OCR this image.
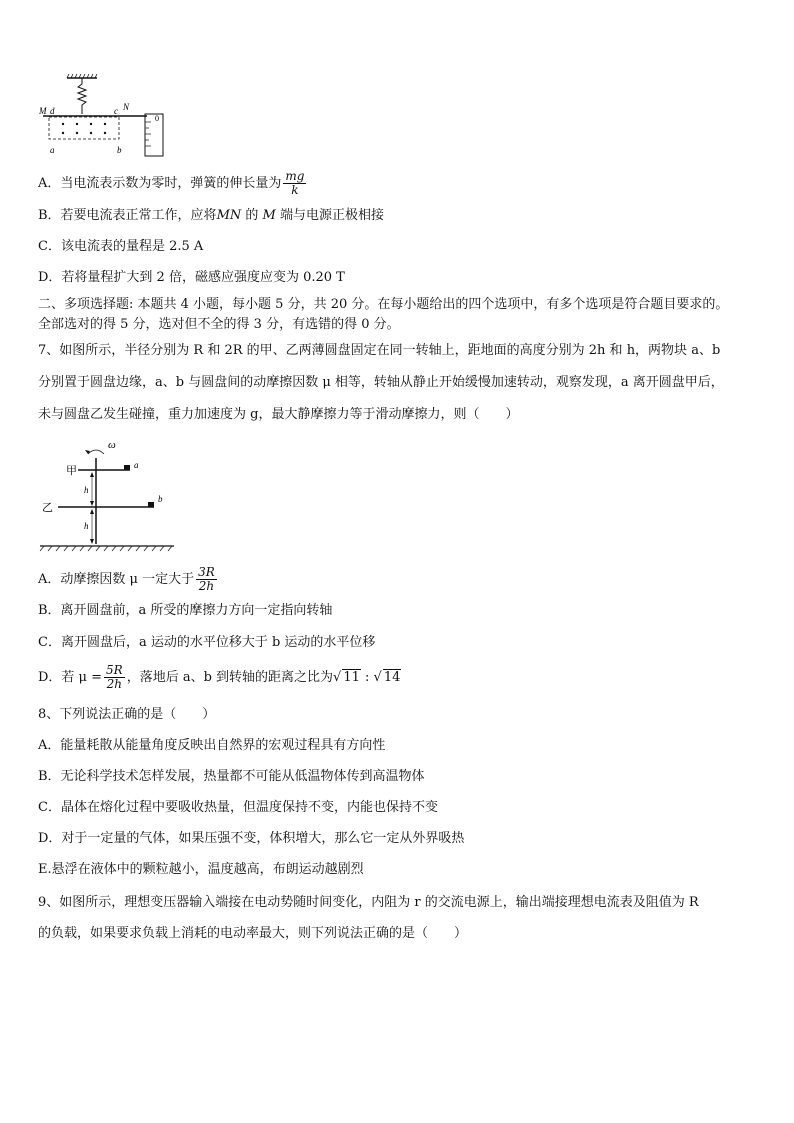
M d	c N
a	b
0
A．当电流表示数为零时，弹簧的伸长量为 $\frac{mg}{k}$
B．若要电流表正常工作，应将MN 的 M 端与电源正极相接
C．该电流表的量程是 2.5 A
D．若将量程扩大到 2 倍，磁感应强度应变为 0.20 T
二、多项选择题: 本题共 4 小题，每小题 5 分，共 20 分。在每小题给出的四个选项中，有多个选项是符合题目要求的。
全部选对的得 5 分，选对但不全的得 3 分，有选错的得 0 分。
7、如图所示，半径分别为 R 和 2R 的甲、乙两薄圆盘固定在同一转轴上，距地面的高度分别为 2h 和 h，两物块 a、b
分别置于圆盘边缘，a、b 与圆盘间的动摩擦因数 μ 相等，转轴从静止开始缓慢加速转动，观察发现，a 离开圆盘甲后，
未与圆盘乙发生碰撞，重力加速度为 g，最大静摩擦力等于滑动摩擦力，则（　　）
ω
a
甲
b
乙
h
h
A．动摩擦因数 μ 一定大于 $\frac{3R}{2h}$
B．离开圆盘前，a 所受的摩擦力方向一定指向转轴
C．离开圆盘后，a 运动的水平位移大于 b 运动的水平位移
D．若 $\mu = \frac{5R}{2h}$ ，落地后 a、b 到转轴的距离之比为√ 11 : √ 14
8、下列说法正确的是（　　）
A．能量耗散从能量角度反映出自然界的宏观过程具有方向性
B．无论科学技术怎样发展，热量都不可能从低温物体传到高温物体
C．晶体在熔化过程中要吸收热量，但温度保持不变，内能也保持不变
D．对于一定量的气体，如果压强不变，体积增大，那么它一定从外界吸热
E.悬浮在液体中的颗粒越小，温度越高，布朗运动越剧烈
9、如图所示，理想变压器输入端接在电动势随时间变化，内阻为 r 的交流电源上，输出端接理想电流表及阻值为 R
的负载，如果要求负载上消耗的电动率最大，则下列说法正确的是（　　）
